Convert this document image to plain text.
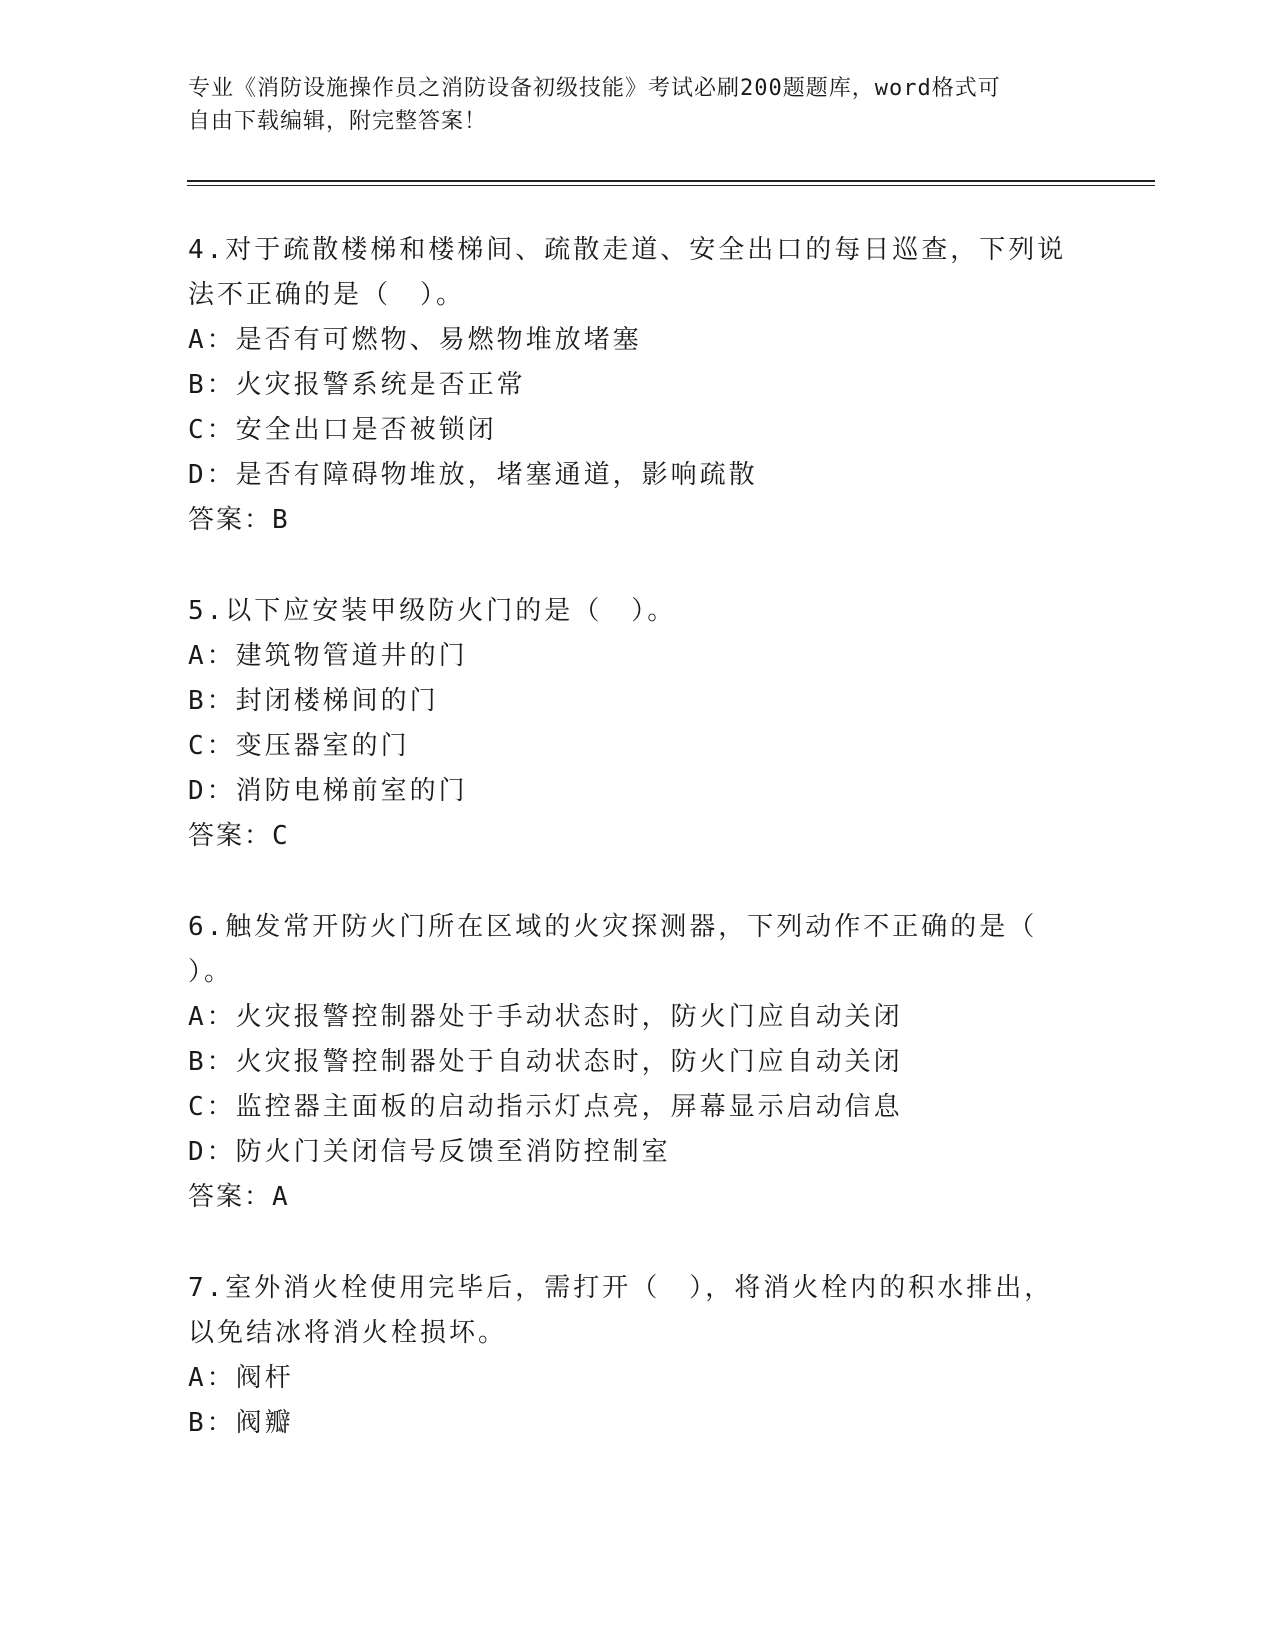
专业《消防设施操作员之消防设备初级技能》考试必刷200题题库，word格式可
自由下载编辑，附完整答案！
4.对于疏散楼梯和楼梯间、疏散走道、安全出口的每日巡查，下列说
法不正确的是（　）。
A：是否有可燃物、易燃物堆放堵塞
B：火灾报警系统是否正常
C：安全出口是否被锁闭
D：是否有障碍物堆放，堵塞通道，影响疏散
答案：B
5.以下应安装甲级防火门的是（　）。
A：建筑物管道井的门
B：封闭楼梯间的门
C：变压器室的门
D：消防电梯前室的门
答案：C
6.触发常开防火门所在区域的火灾探测器，下列动作不正确的是（
）。
A：火灾报警控制器处于手动状态时，防火门应自动关闭
B：火灾报警控制器处于自动状态时，防火门应自动关闭
C：监控器主面板的启动指示灯点亮，屏幕显示启动信息
D：防火门关闭信号反馈至消防控制室
答案：A
7.室外消火栓使用完毕后，需打开（　），将消火栓内的积水排出，
以免结冰将消火栓损坏。
A：阀杆
B：阀瓣
